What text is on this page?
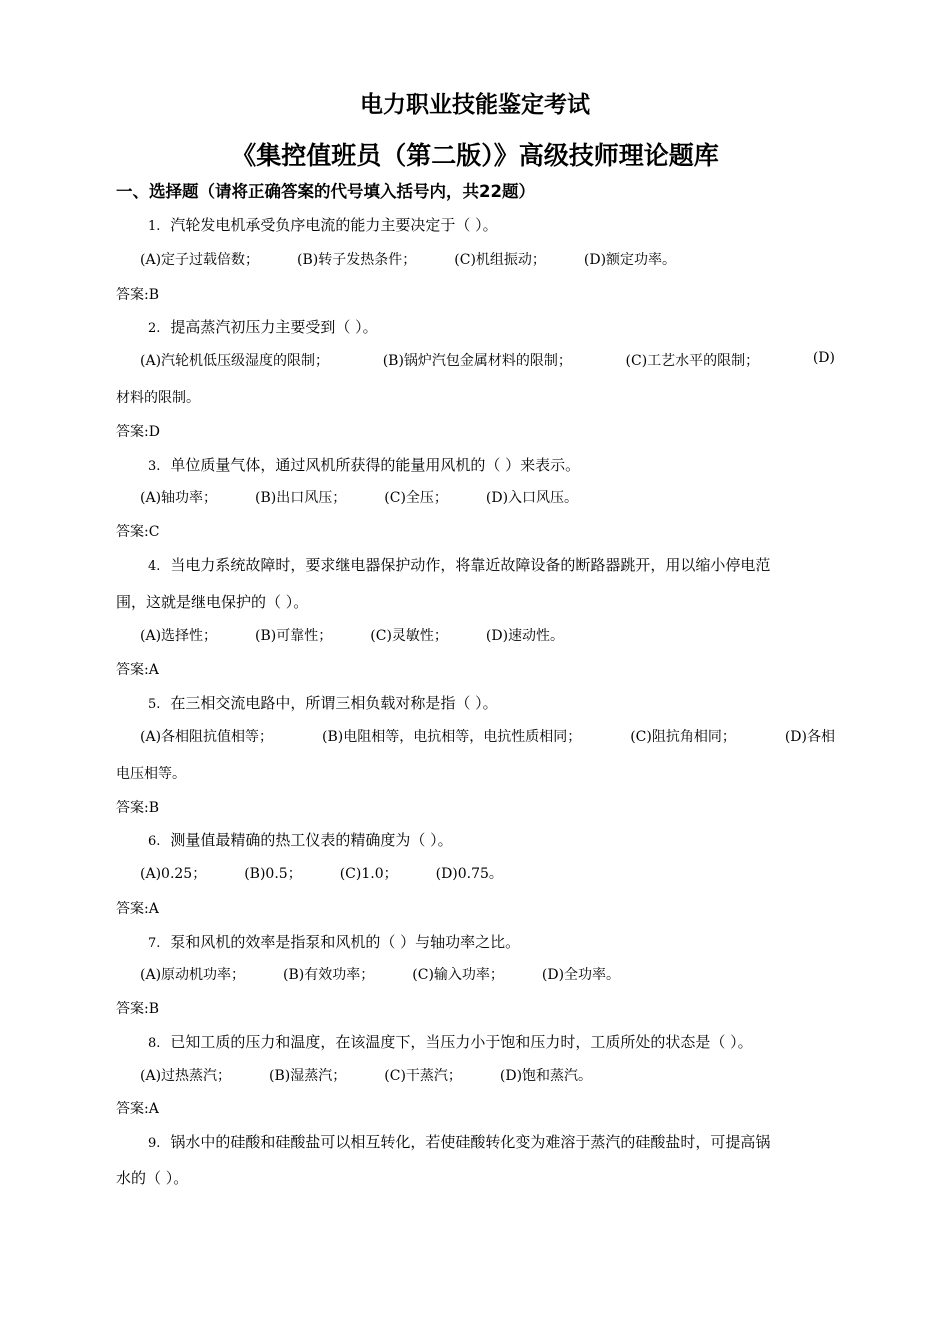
电力职业技能鉴定考试
《集控值班员（第二版）》高级技师理论题库
一、选择题（请将正确答案的代号填入括号内，共22题）
1. 汽轮发电机承受负序电流的能力主要决定于（ ）。
(A)定子过载倍数；	(B)转子发热条件；	(C)机组振动；	(D)额定功率。
答案:B
2. 提高蒸汽初压力主要受到（ ）。
(A)汽轮机低压级湿度的限制；	(B)锅炉汽包金属材料的限制；	(C)工艺水平的限制；	(D)
材料的限制。
答案:D
3. 单位质量气体，通过风机所获得的能量用风机的（ ）来表示。
(A)轴功率；	(B)出口风压；	(C)全压；	(D)入口风压。
答案:C
4. 当电力系统故障时，要求继电器保护动作，将靠近故障设备的断路器跳开，用以缩小停电范
围，这就是继电保护的（ ）。
(A)选择性；	(B)可靠性；	(C)灵敏性；	(D)速动性。
答案:A
5. 在三相交流电路中，所谓三相负载对称是指（ ）。
(A)各相阻抗值相等；	(B)电阻相等，电抗相等，电抗性质相同；	(C)阻抗角相同；	(D)各相
电压相等。
答案:B
6. 测量值最精确的热工仪表的精确度为（ ）。
(A)0.25；	(B)0.5；	(C)1.0；	(D)0.75。
答案:A
7. 泵和风机的效率是指泵和风机的（ ）与轴功率之比。
(A)原动机功率；	(B)有效功率；	(C)输入功率；	(D)全功率。
答案:B
8. 已知工质的压力和温度，在该温度下，当压力小于饱和压力时，工质所处的状态是（ ）。
(A)过热蒸汽；	(B)湿蒸汽；	(C)干蒸汽；	(D)饱和蒸汽。
答案:A
9. 锅水中的硅酸和硅酸盐可以相互转化，若使硅酸转化变为难溶于蒸汽的硅酸盐时，可提高锅
水的（ ）。
